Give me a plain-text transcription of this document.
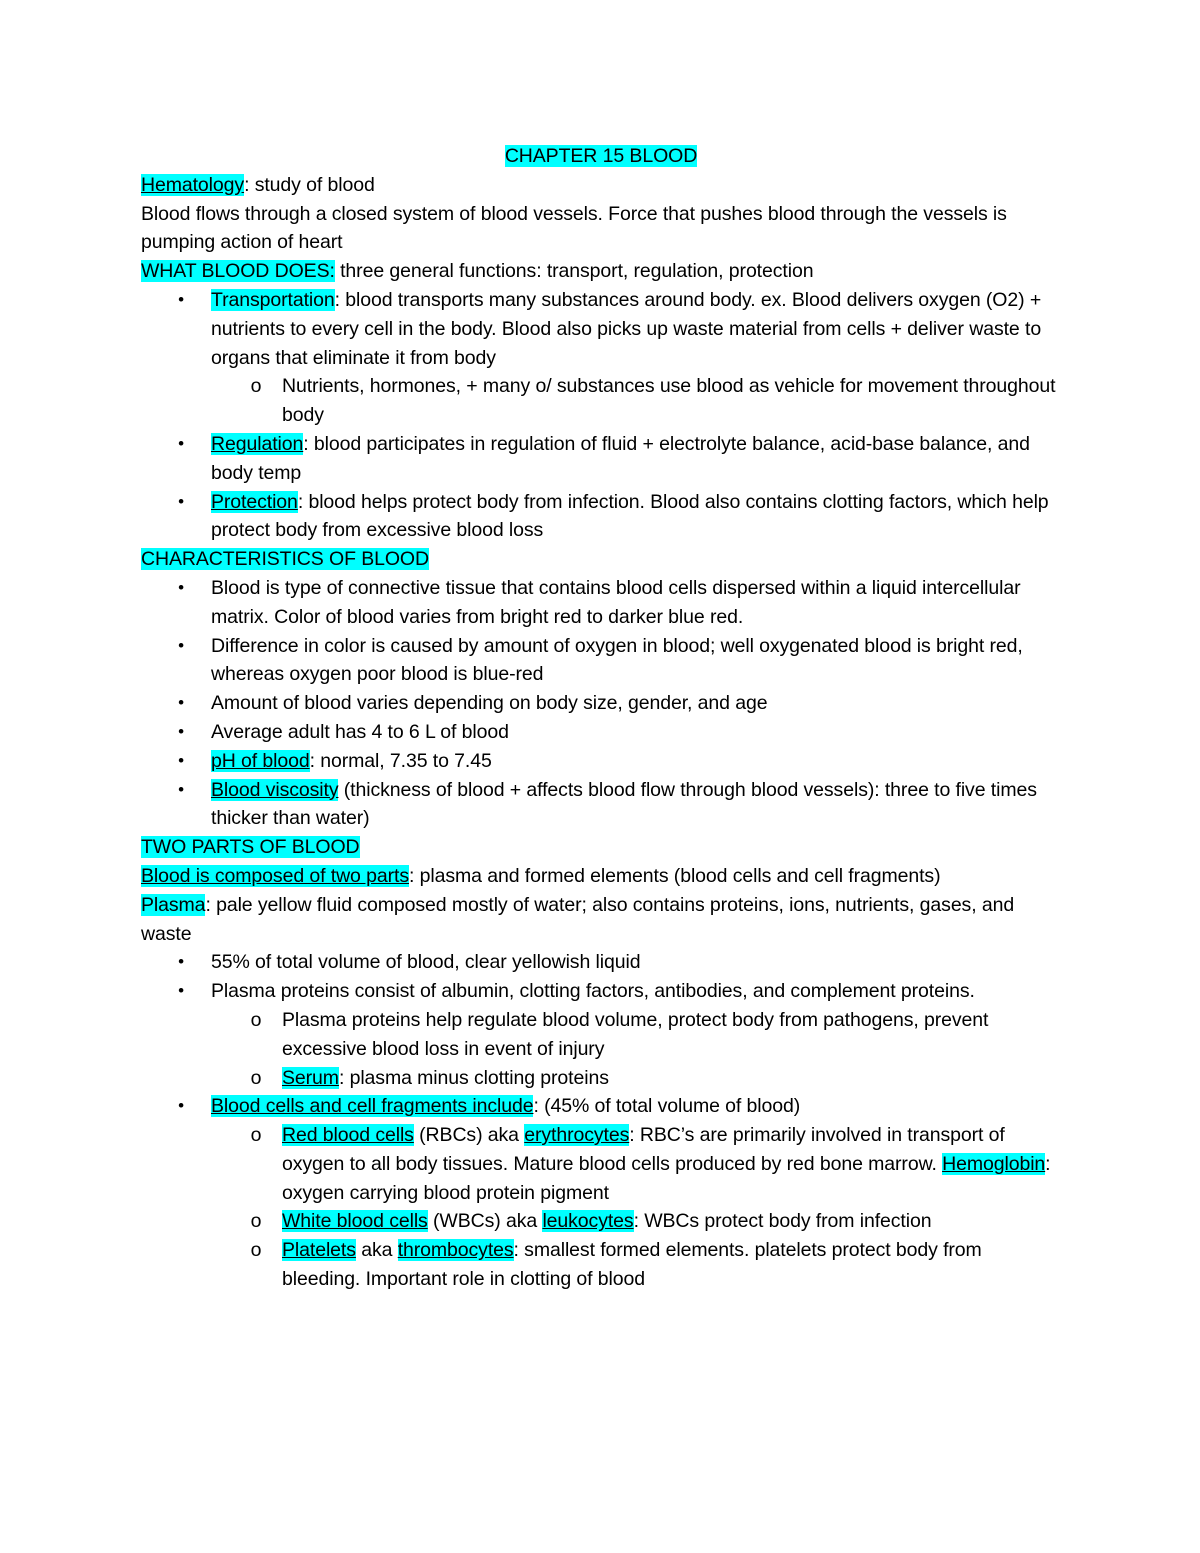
CHAPTER 15 BLOOD
Hematology: study of blood
Blood flows through a closed system of blood vessels. Force that pushes blood through the vessels is pumping action of heart
WHAT BLOOD DOES: three general functions: transport, regulation, protection
•	Transportation: blood transports many substances around body. ex. Blood delivers oxygen (O2) + nutrients to every cell in the body. Blood also picks up waste material from cells + deliver waste to organs that eliminate it from body
o Nutrients, hormones, + many o/ substances use blood as vehicle for movement throughout body
•	Regulation: blood participates in regulation of fluid + electrolyte balance, acid-base balance, and body temp
•	Protection: blood helps protect body from infection. Blood also contains clotting factors, which help protect body from excessive blood loss
CHARACTERISTICS OF BLOOD
•	Blood is type of connective tissue that contains blood cells dispersed within a liquid intercellular matrix. Color of blood varies from bright red to darker blue red.
•	Difference in color is caused by amount of oxygen in blood; well oxygenated blood is bright red, whereas oxygen poor blood is blue-red
•	Amount of blood varies depending on body size, gender, and age
•	Average adult has 4 to 6 L of blood
•	pH of blood: normal, 7.35 to 7.45
•	Blood viscosity (thickness of blood + affects blood flow through blood vessels): three to five times thicker than water)
TWO PARTS OF BLOOD
Blood is composed of two parts: plasma and formed elements (blood cells and cell fragments)
Plasma: pale yellow fluid composed mostly of water; also contains proteins, ions, nutrients, gases, and waste
•	55% of total volume of blood, clear yellowish liquid
•	Plasma proteins consist of albumin, clotting factors, antibodies, and complement proteins.
o Plasma proteins help regulate blood volume, protect body from pathogens, prevent excessive blood loss in event of injury
o Serum: plasma minus clotting proteins
•	Blood cells and cell fragments include: (45% of total volume of blood)
o Red blood cells (RBCs) aka erythrocytes: RBC’s are primarily involved in transport of oxygen to all body tissues. Mature blood cells produced by red bone marrow. Hemoglobin: oxygen carrying blood protein pigment
o White blood cells (WBCs) aka leukocytes: WBCs protect body from infection
o Platelets aka thrombocytes: smallest formed elements. platelets protect body from bleeding. Important role in clotting of blood
